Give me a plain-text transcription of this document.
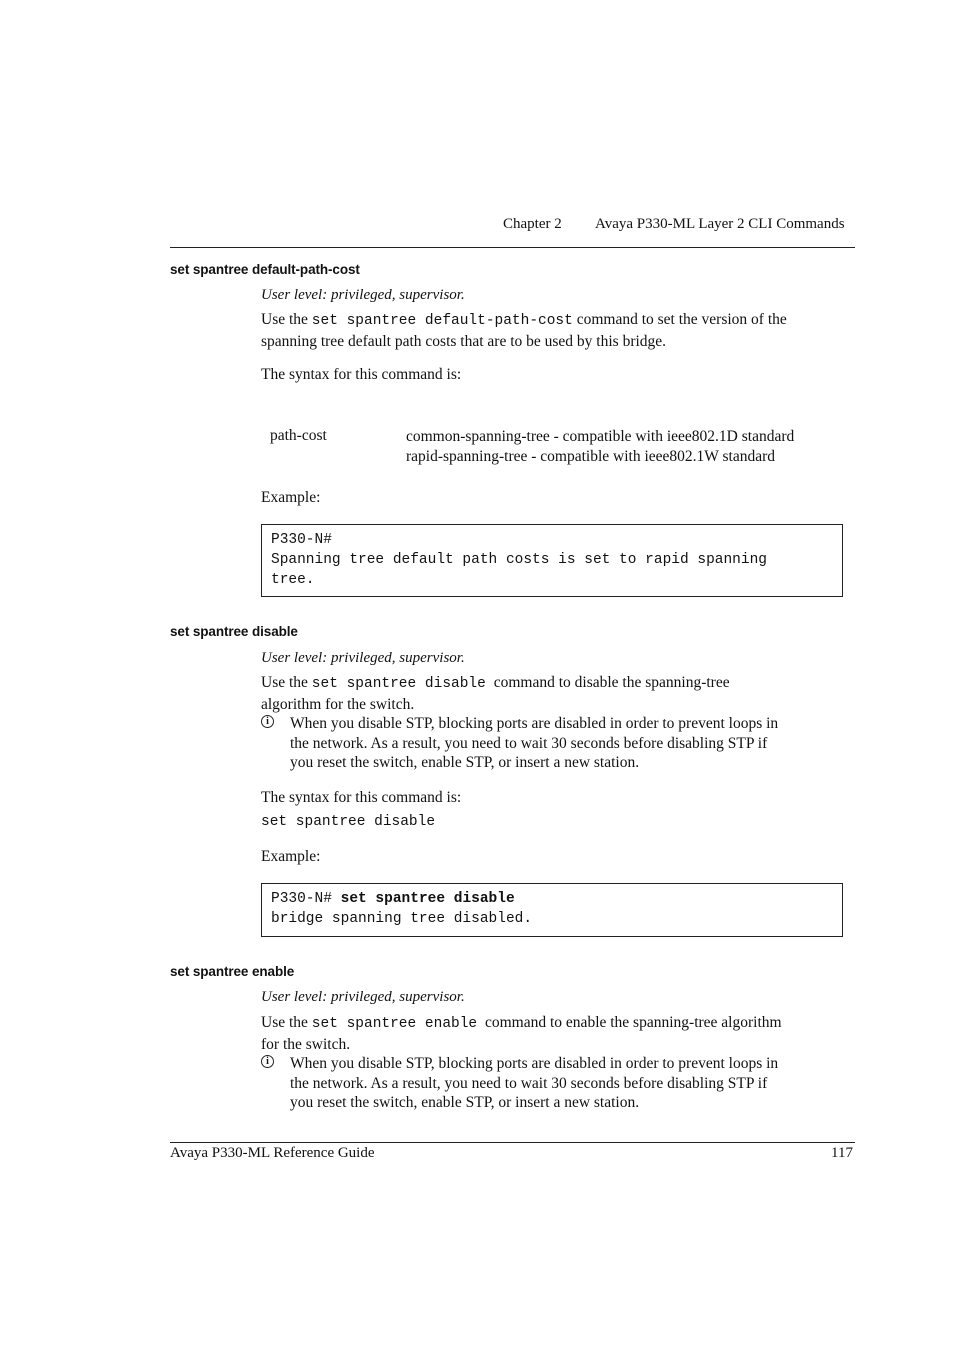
Chapter 2 Avaya P330-ML Layer 2 CLI Commands
set spantree default-path-cost
User level: privileged, supervisor.
Use the set spantree default-path-cost command to set the version of the
spanning tree default path costs that are to be used by this bridge.
The syntax for this command is:
path-cost	common-spanning-tree - compatible with ieee802.1D standard
rapid-spanning-tree - compatible with ieee802.1W standard
Example:
P330-N#
Spanning tree default path costs is set to rapid spanning
tree.
set spantree disable
User level: privileged, supervisor.
Use the set spantree disable command to disable the spanning-tree
algorithm for the switch.
i	When you disable STP, blocking ports are disabled in order to prevent loops in
the network. As a result, you need to wait 30 seconds before disabling STP if
you reset the switch, enable STP, or insert a new station.
The syntax for this command is:
set spantree disable
Example:
P330-N# set spantree disable
bridge spanning tree disabled.
set spantree enable
User level: privileged, supervisor.
Use the set spantree enable command to enable the spanning-tree algorithm
for the switch.
i	When you disable STP, blocking ports are disabled in order to prevent loops in
the network. As a result, you need to wait 30 seconds before disabling STP if
you reset the switch, enable STP, or insert a new station.
Avaya P330-ML Reference Guide	117
